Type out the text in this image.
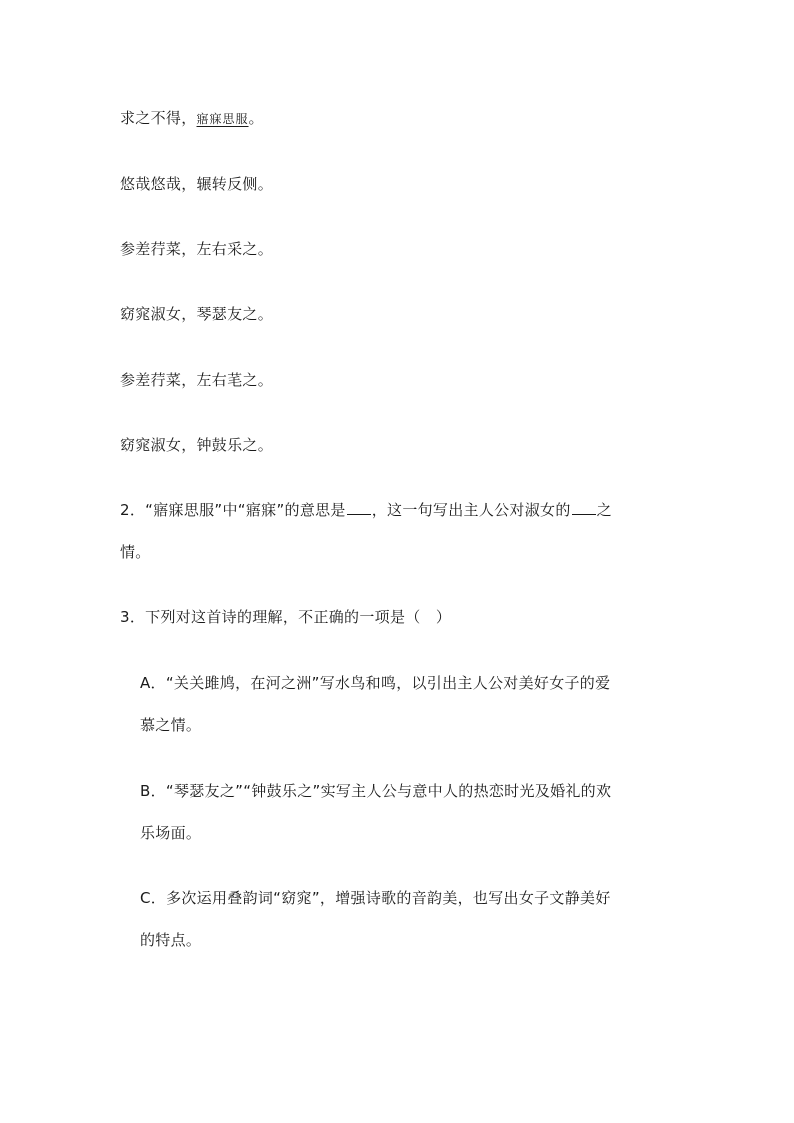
求之不得，寤寐思服。
悠哉悠哉，辗转反侧。
参差荇菜，左右采之。
窈窕淑女，琴瑟友之。
参差荇菜，左右芼之。
窈窕淑女，钟鼓乐之。
2．“寤寐思服”中“寤寐”的意思是 ，这一句写出主人公对淑女的 之
情。
3．下列对这首诗的理解，不正确的一项是（　）
A．“关关雎鸠，在河之洲”写水鸟和鸣，以引出主人公对美好女子的爱
慕之情。
B．“琴瑟友之”“钟鼓乐之”实写主人公与意中人的热恋时光及婚礼的欢
乐场面。
C．多次运用叠韵词“窈窕”，增强诗歌的音韵美，也写出女子文静美好
的特点。
